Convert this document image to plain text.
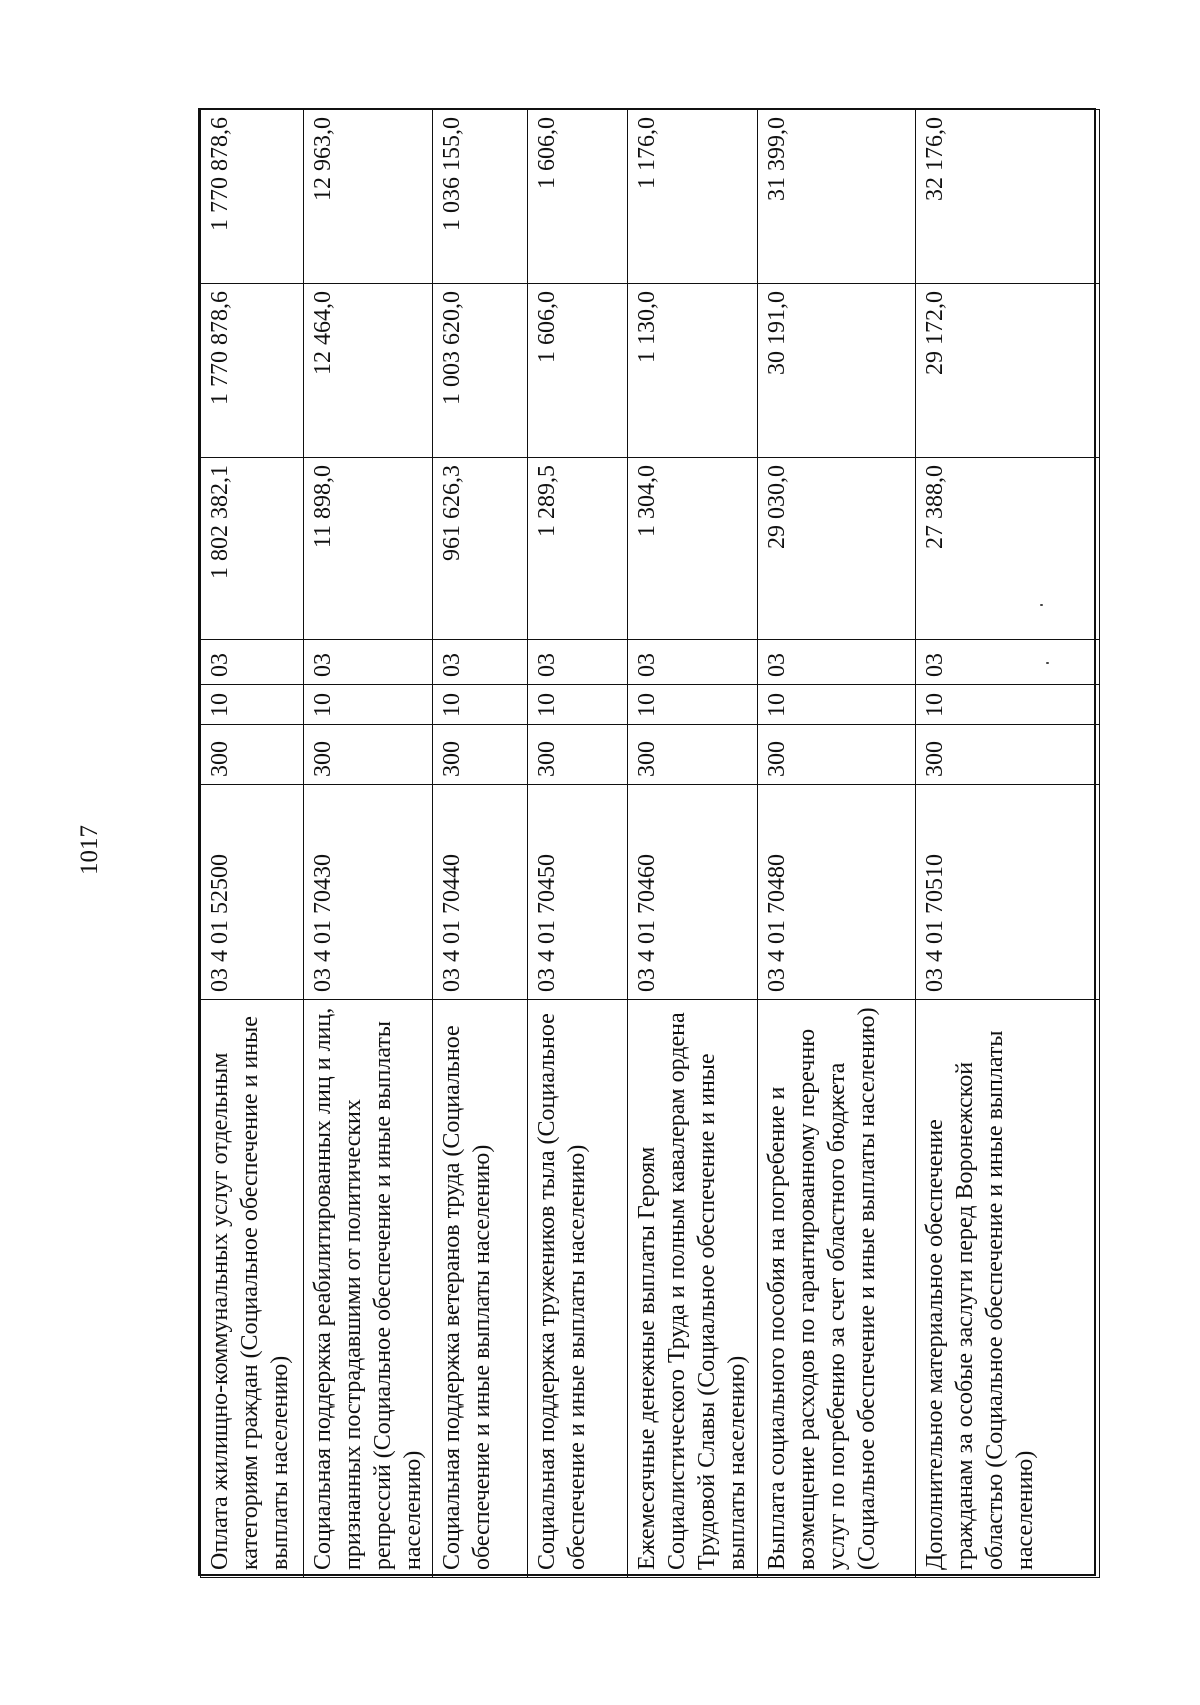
1017
Оплата жилищно-коммунальных услуг отдельным категориям граждан (Социальное обеспечение и иные выплаты населению)	03 4 01 52500	300	10	03	1 802 382,1	1 770 878,6	1 770 878,6
Социальная поддержка реабилитированных лиц и лиц, признанных пострадавшими от политических репрессий (Социальное обеспечение и иные выплаты населению)	03 4 01 70430	300	10	03	11 898,0	12 464,0	12 963,0
Социальная поддержка ветеранов труда (Социальное обеспечение и иные выплаты населению)	03 4 01 70440	300	10	03	961 626,3	1 003 620,0	1 036 155,0
Социальная поддержка тружеников тыла (Социальное обеспечение и иные выплаты населению)	03 4 01 70450	300	10	03	1 289,5	1 606,0	1 606,0
Ежемесячные денежные выплаты Героям Социалистического Труда и полным кавалерам ордена Трудовой Славы (Социальное обеспечение и иные выплаты населению)	03 4 01 70460	300	10	03	1 304,0	1 130,0	1 176,0
Выплата социального пособия на погребение и возмещение расходов по гарантированному перечню услуг по погребению за счет областного бюджета (Социальное обеспечение и иные выплаты населению)	03 4 01 70480	300	10	03	29 030,0	30 191,0	31 399,0
Дополнительное материальное обеспечение гражданам за особые заслуги перед Воронежской областью (Социальное обеспечение и иные выплаты населению)	03 4 01 70510	300	10	03	27 388,0	29 172,0	32 176,0
